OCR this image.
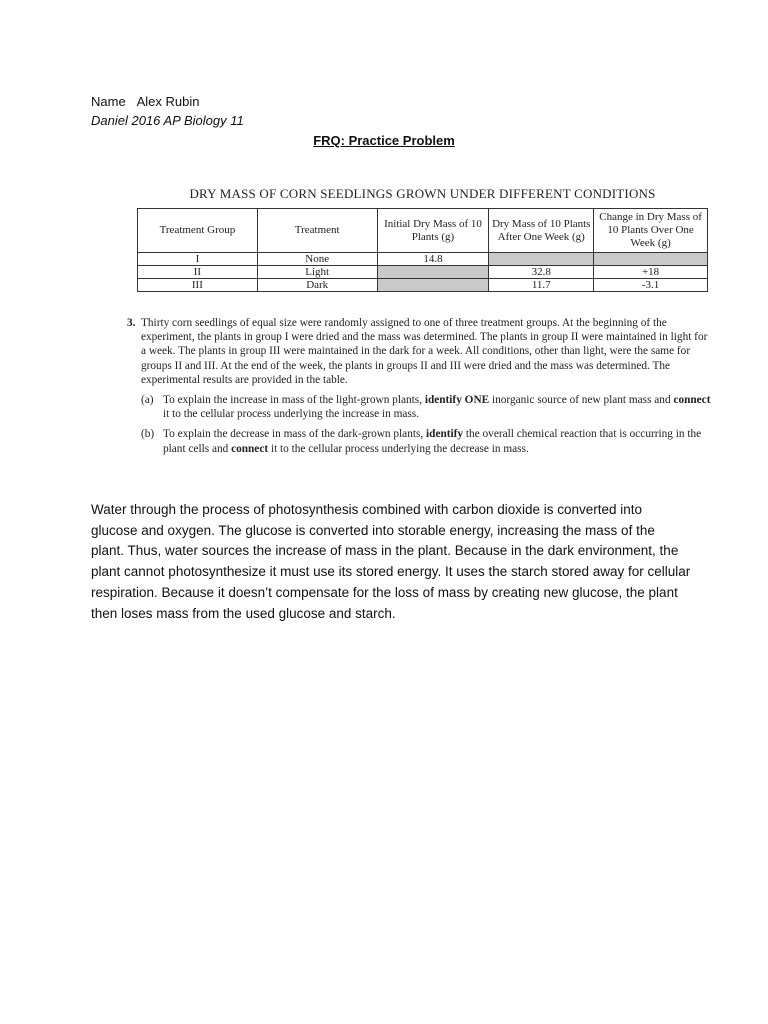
Name Alex Rubin
Daniel 2016 AP Biology 11
FRQ: Practice Problem
DRY MASS OF CORN SEEDLINGS GROWN UNDER DIFFERENT CONDITIONS
Treatment Group	Treatment	Initial Dry Mass of 10 Plants (g)	Dry Mass of 10 Plants After One Week (g)	Change in Dry Mass of 10 Plants Over One Week (g)
I	None	14.8		
II	Light		32.8	+18
III	Dark		11.7	-3.1
3. Thirty corn seedlings of equal size were randomly assigned to one of three treatment groups. At the beginning of the experiment, the plants in group I were dried and the mass was determined. The plants in group II were maintained in light for a week. The plants in group III were maintained in the dark for a week. All conditions, other than light, were the same for groups II and III. At the end of the week, the plants in groups II and III were dried and the mass was determined. The experimental results are provided in the table.
(a) To explain the increase in mass of the light-grown plants, identify ONE inorganic source of new plant mass and connect it to the cellular process underlying the increase in mass.
(b) To explain the decrease in mass of the dark-grown plants, identify the overall chemical reaction that is occurring in the plant cells and connect it to the cellular process underlying the decrease in mass.
Water through the process of photosynthesis combined with carbon dioxide is converted into glucose and oxygen. The glucose is converted into storable energy, increasing the mass of the plant. Thus, water sources the increase of mass in the plant. Because in the dark environment, the plant cannot photosynthesize it must use its stored energy. It uses the starch stored away for cellular respiration. Because it doesn’t compensate for the loss of mass by creating new glucose, the plant then loses mass from the used glucose and starch.
